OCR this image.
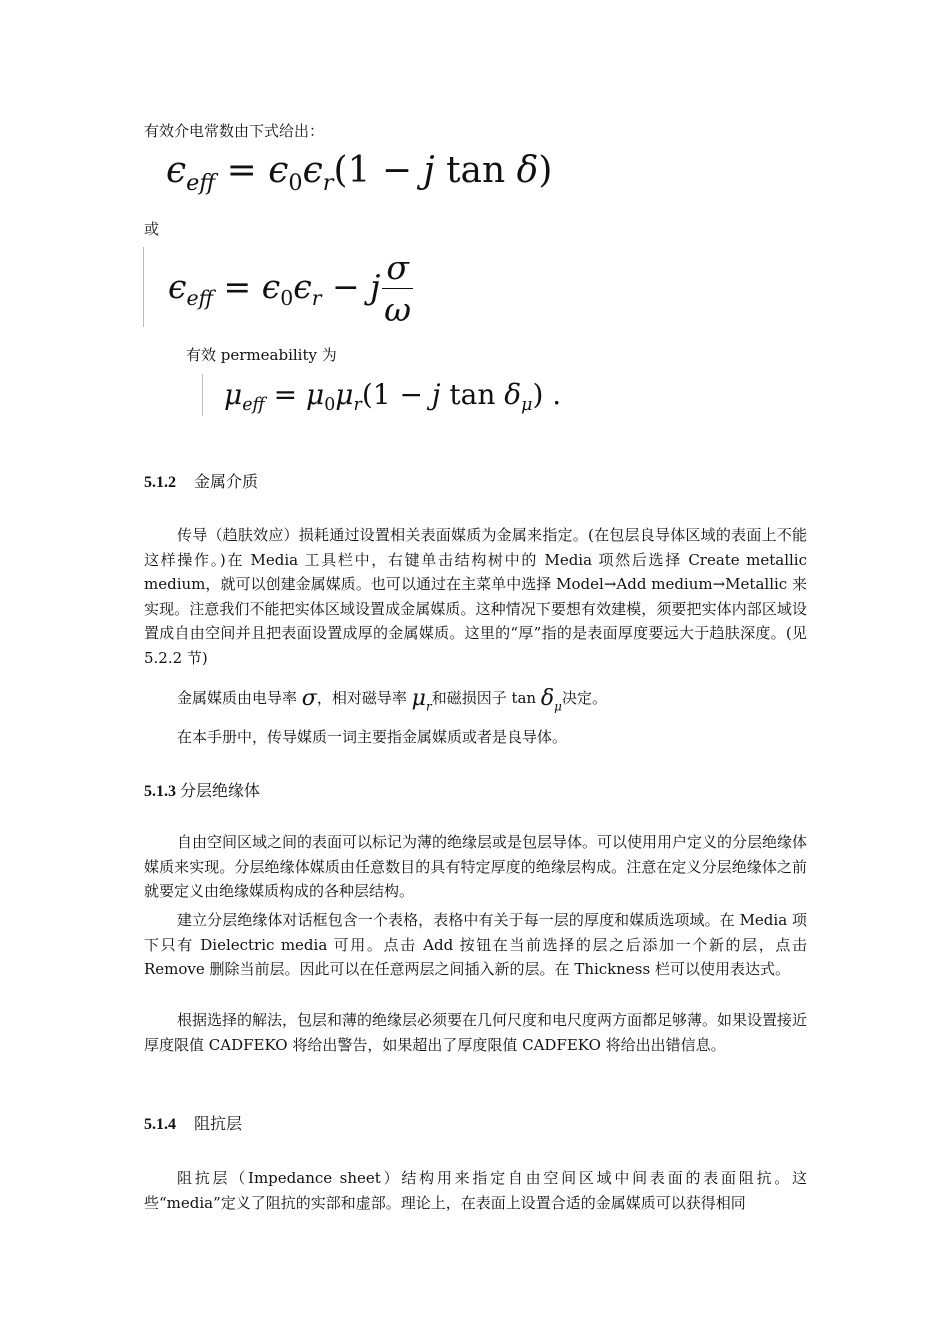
有效介电常数由下式给出：
$\epsilon_{eff} = \epsilon_0\epsilon_r(1 - j$ tan δ)
或
$\epsilon_{eff} = \epsilon_0\epsilon_r - j \frac{\sigma}{\omega}$
有效 permeability 为
$\mu_{eff} = \mu_0\mu_r(1 - j$ $\tan \delta_\mu$) .
5.1.2 金属介质

传导（趋肤效应）损耗通过设置相关表面媒质为金属来指定。(在包层良导体区域的表面上不能这样操作。)在 Media 工具栏中，右键单击结构树中的 Media 项然后选择 Create metallic medium，就可以创建金属媒质。也可以通过在主菜单中选择 Model→Add medium→Metallic 来实现。注意我们不能把实体区域设置成金属媒质。这种情况下要想有效建模，须要把实体内部区域设置成自由空间并且把表面设置成厚的金属媒质。这里的“厚”指的是表面厚度要远大于趋肤深度。(见 5.2.2 节)

金属媒质由电导率 σ，相对磁导率 $\mu_r$和磁损因子 $\tan \delta_\mu$决定。
在本手册中，传导媒质一词主要指金属媒质或者是良导体。
5.1.3 分层绝缘体

自由空间区域之间的表面可以标记为薄的绝缘层或是包层导体。可以使用用户定义的分层绝缘体媒质来实现。分层绝缘体媒质由任意数目的具有特定厚度的绝缘层构成。注意在定义分层绝缘体之前就要定义由绝缘媒质构成的各种层结构。

建立分层绝缘体对话框包含一个表格，表格中有关于每一层的厚度和媒质选项域。在 Media 项下只有 Dielectric media 可用。点击 Add 按钮在当前选择的层之后添加一个新的层，点击 Remove 删除当前层。因此可以在任意两层之间插入新的层。在 Thickness 栏可以使用表达式。

根据选择的解法，包层和薄的绝缘层必须要在几何尺度和电尺度两方面都足够薄。如果设置接近厚度限值 CADFEKO 将给出警告，如果超出了厚度限值 CADFEKO 将给出出错信息。

5.1.4 阻抗层

阻抗层（Impedance sheet）结构用来指定自由空间区域中间表面的表面阻抗。这些“media”定义了阻抗的实部和虚部。理论上，在表面上设置合适的金属媒质可以获得相同
